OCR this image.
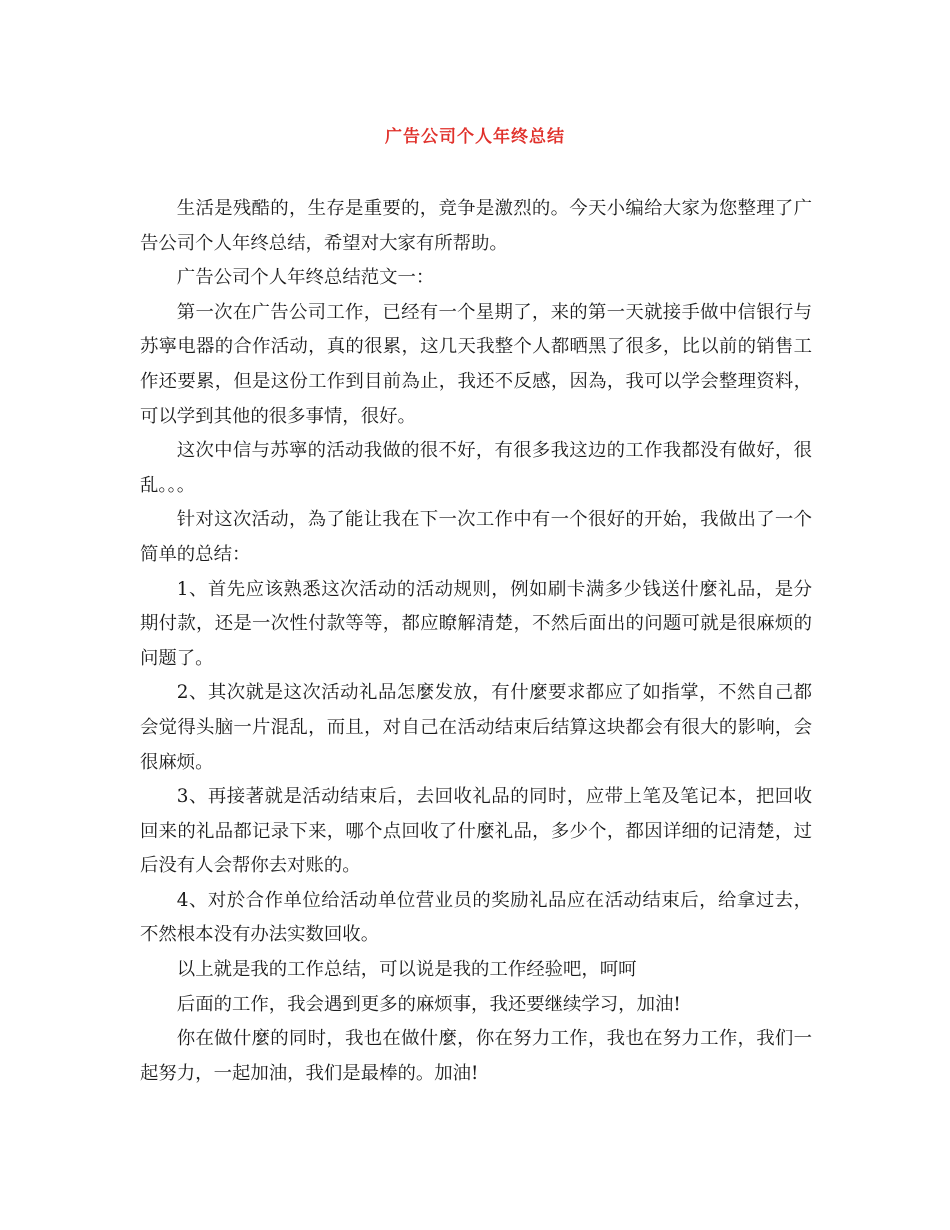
广告公司个人年终总结

生活是残酷的，生存是重要的，竞争是激烈的。今天小编给大家为您整理了广告公司个人年终总结，希望对大家有所帮助。

广告公司个人年终总结范文一：

第一次在广告公司工作，已经有一个星期了，来的第一天就接手做中信银行与苏寧电器的合作活动，真的很累，这几天我整个人都晒黑了很多，比以前的销售工作还要累，但是这份工作到目前為止，我还不反感，因為，我可以学会整理资料，可以学到其他的很多事情，很好。

这次中信与苏寧的活动我做的很不好，有很多我这边的工作我都没有做好，很乱。。。

针对这次活动，為了能让我在下一次工作中有一个很好的开始，我做出了一个简单的总结：

1、首先应该熟悉这次活动的活动规则，例如刷卡满多少钱送什麼礼品，是分期付款，还是一次性付款等等，都应瞭解清楚，不然后面出的问题可就是很麻烦的问题了。

2、其次就是这次活动礼品怎麼发放，有什麼要求都应了如指掌，不然自己都会觉得头脑一片混乱，而且，对自己在活动结束后结算这块都会有很大的影响，会很麻烦。

3、再接著就是活动结束后，去回收礼品的同时，应带上笔及笔记本，把回收回来的礼品都记录下来，哪个点回收了什麼礼品，多少个，都因详细的记清楚，过后没有人会帮你去对账的。

4、对於合作单位给活动单位营业员的奖励礼品应在活动结束后，给拿过去，不然根本没有办法实数回收。

以上就是我的工作总结，可以说是我的工作经验吧，呵呵

后面的工作，我会遇到更多的麻烦事，我还要继续学习，加油!

你在做什麼的同时，我也在做什麼，你在努力工作，我也在努力工作，我们一起努力，一起加油，我们是最棒的。加油!
